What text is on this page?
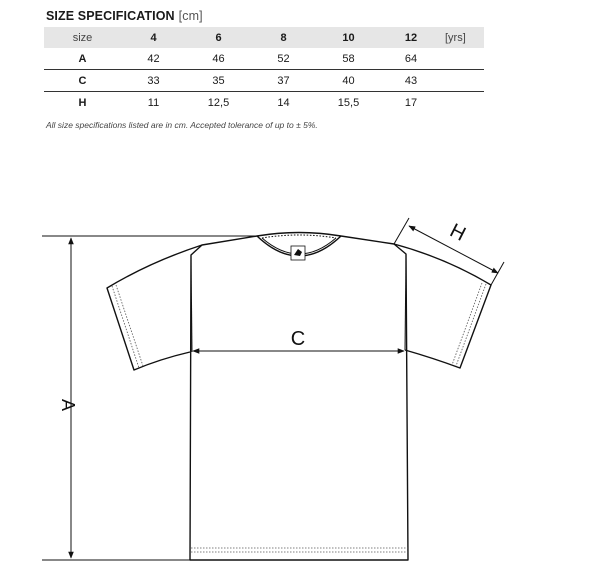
SIZE SPECIFICATION [cm]
size	4	6	8	10	12	[yrs]
A	42	46	52	58	64	
C	33	35	37	40	43	
H	11	12,5	14	15,5	17	
All size specifications listed are in cm. Accepted tolerance of up to ± 5%.
A
C
H
